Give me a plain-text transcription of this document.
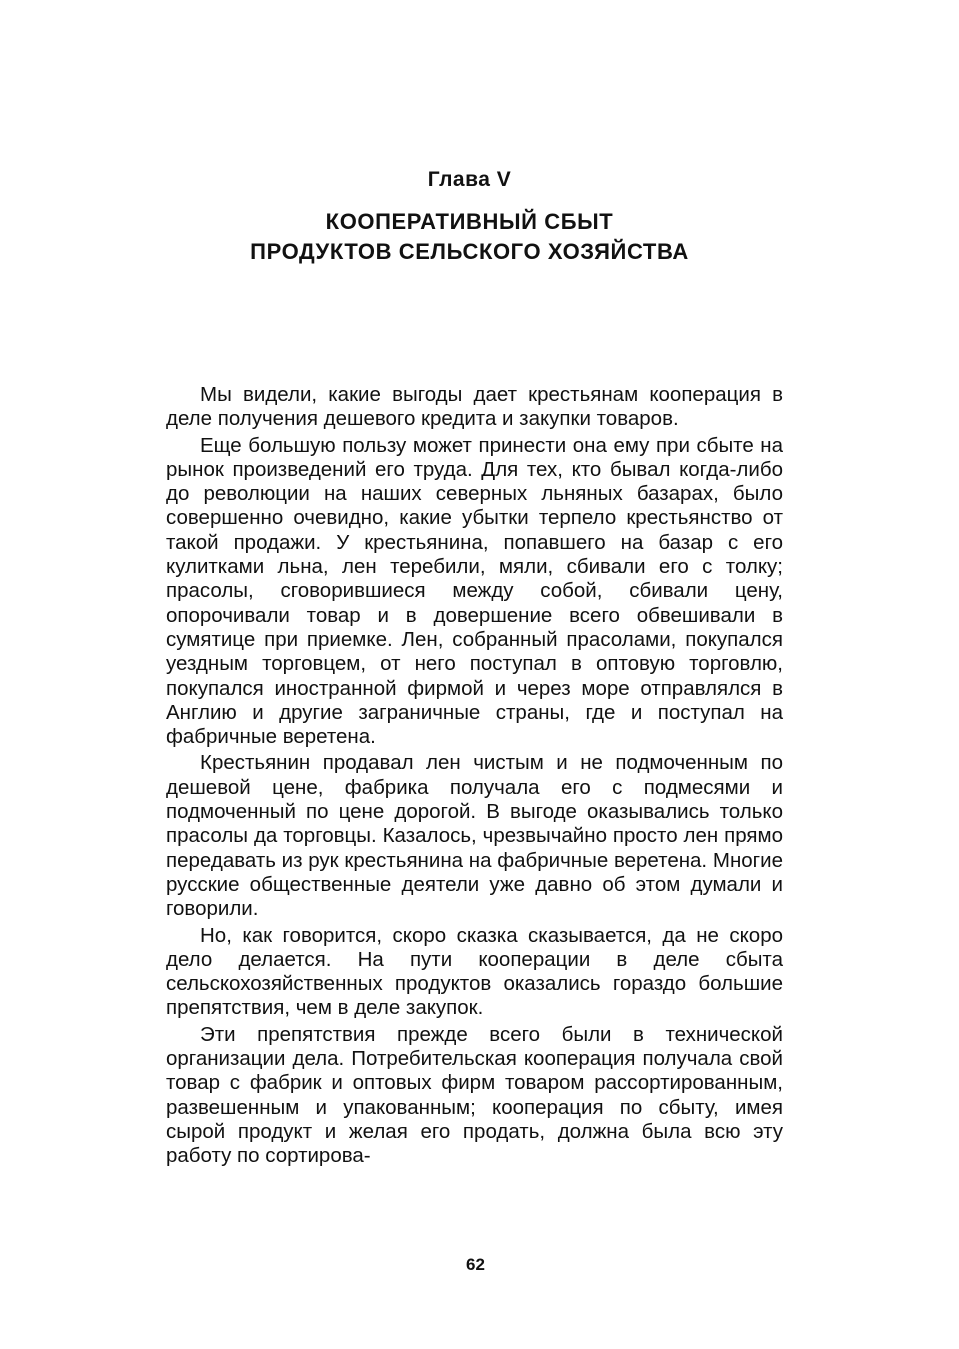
Глава V
КООПЕРАТИВНЫЙ СБЫТ
ПРОДУКТОВ СЕЛЬСКОГО ХОЗЯЙСТВА

Мы видели, какие выгоды дает крестьянам кооперация в деле получения дешевого кредита и закупки товаров.

Еще большую пользу может принести она ему при сбыте на рынок произведений его труда. Для тех, кто бывал когда-либо до революции на наших северных льняных базарах, было совершенно очевидно, какие убытки терпело крестьянство от такой продажи. У крестьянина, попавшего на базар с его кулитками льна, лен теребили, мяли, сбивали его с толку; прасолы, сговорившиеся между собой, сбивали цену, опорочивали товар и в довершение всего обвешивали в сумятице при приемке. Лен, собранный прасолами, покупался уездным торговцем, от него поступал в оптовую торговлю, покупался иностранной фирмой и через море отправлялся в Англию и другие заграничные страны, где и поступал на фабричные веретена.

Крестьянин продавал лен чистым и не подмоченным по дешевой цене, фабрика получала его с подмесями и подмоченный по цене дорогой. В выгоде оказывались только прасолы да торговцы. Казалось, чрезвычайно просто лен прямо передавать из рук крестьянина на фабричные веретена. Многие русские общественные деятели уже давно об этом думали и говорили.

Но, как говорится, скоро сказка сказывается, да не скоро дело делается. На пути кооперации в деле сбыта сельскохозяйственных продуктов оказались гораздо большие препятствия, чем в деле закупок.

Эти препятствия прежде всего были в технической организации дела. Потребительская кооперация получала свой товар с фабрик и оптовых фирм товаром рассортированным, развешенным и упакованным; кооперация по сбыту, имея сырой продукт и желая его продать, должна была всю эту работу по сортирова-

62
